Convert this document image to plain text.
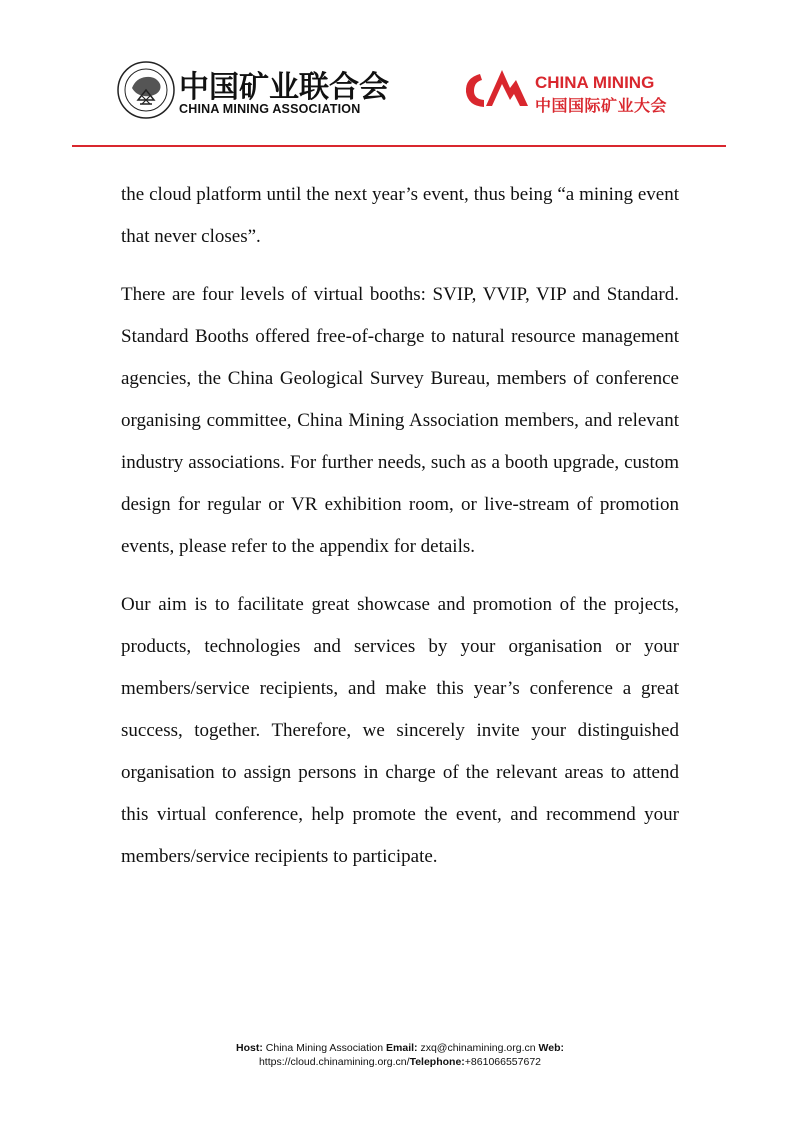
中国矿业联合会
CHINA MINING ASSOCIATION
CHINA MINING
中国国际矿业大会

the cloud platform until the next year’s event, thus being “a mining event that never closes”.

There are four levels of virtual booths: SVIP, VVIP, VIP and Standard. Standard Booths offered free-of-charge to natural resource management agencies, the China Geological Survey Bureau, members of conference organising committee, China Mining Association members, and relevant industry associations. For further needs, such as a booth upgrade, custom design for regular or VR exhibition room, or live-stream of promotion events, please refer to the appendix for details.

Our aim is to facilitate great showcase and promotion of the projects, products, technologies and services by your organisation or your members/service recipients, and make this year’s conference a great success, together. Therefore, we sincerely invite your distinguished organisation to assign persons in charge of the relevant areas to attend this virtual conference, help promote the event, and recommend your members/service recipients to participate.

Host: China Mining Association Email: zxq@chinamining.org.cn Web:
https://cloud.chinamining.org.cn/Telephone:+861066557672
